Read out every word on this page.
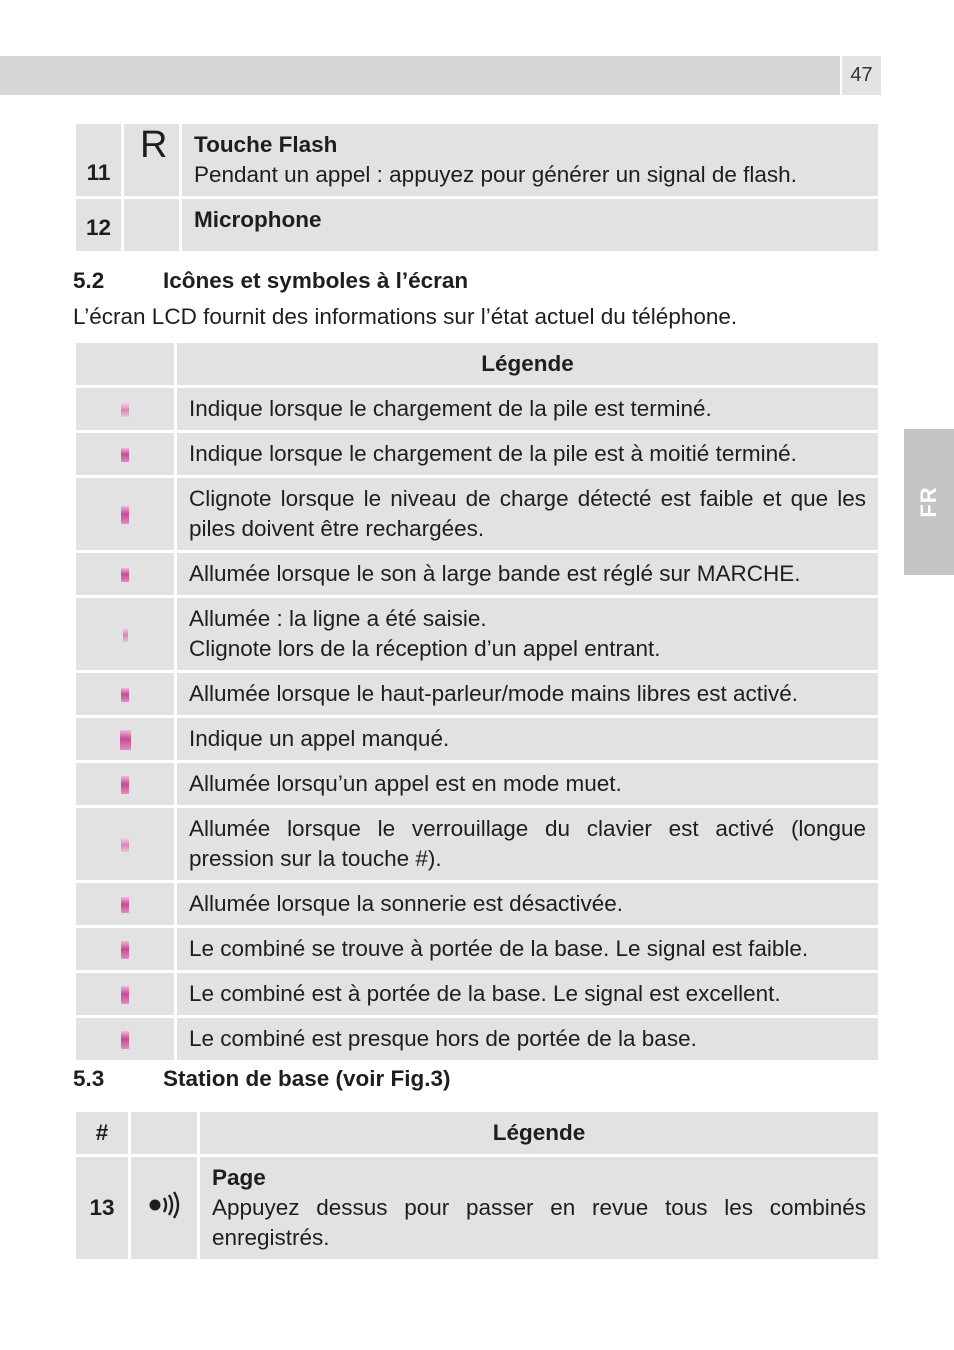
47
FR
11	R	Touche Flash
Pendant un appel : appuyez pour générer un signal de flash.

12		Microphone
5.2	Icônes et symboles à l’écran
L’écran LCD fournit des informations sur l’état actuel du téléphone.
	Légende
	Indique lorsque le chargement de la pile est terminé.
	Indique lorsque le chargement de la pile est à moitié terminé.
	Clignote lorsque le niveau de charge détecté est faible et que les piles doivent être rechargées.
	Allumée lorsque le son à large bande est réglé sur MARCHE.
	Allumée : la ligne a été saisie.
Clignote lors de la réception d’un appel entrant.
	Allumée lorsque le haut-parleur/mode mains libres est activé.
	Indique un appel manqué.
	Allumée lorsqu’un appel est en mode muet.
	Allumée lorsque le verrouillage du clavier est activé (longue pression sur la touche #).
	Allumée lorsque la sonnerie est désactivée.
	Le combiné se trouve à portée de la base. Le signal est faible.
	Le combiné est à portée de la base. Le signal est excellent.
	Le combiné est presque hors de portée de la base.
5.3	Station de base (voir Fig.3)
#		Légende
13		Page
Appuyez dessus pour passer en revue tous les combinés enregistrés.
